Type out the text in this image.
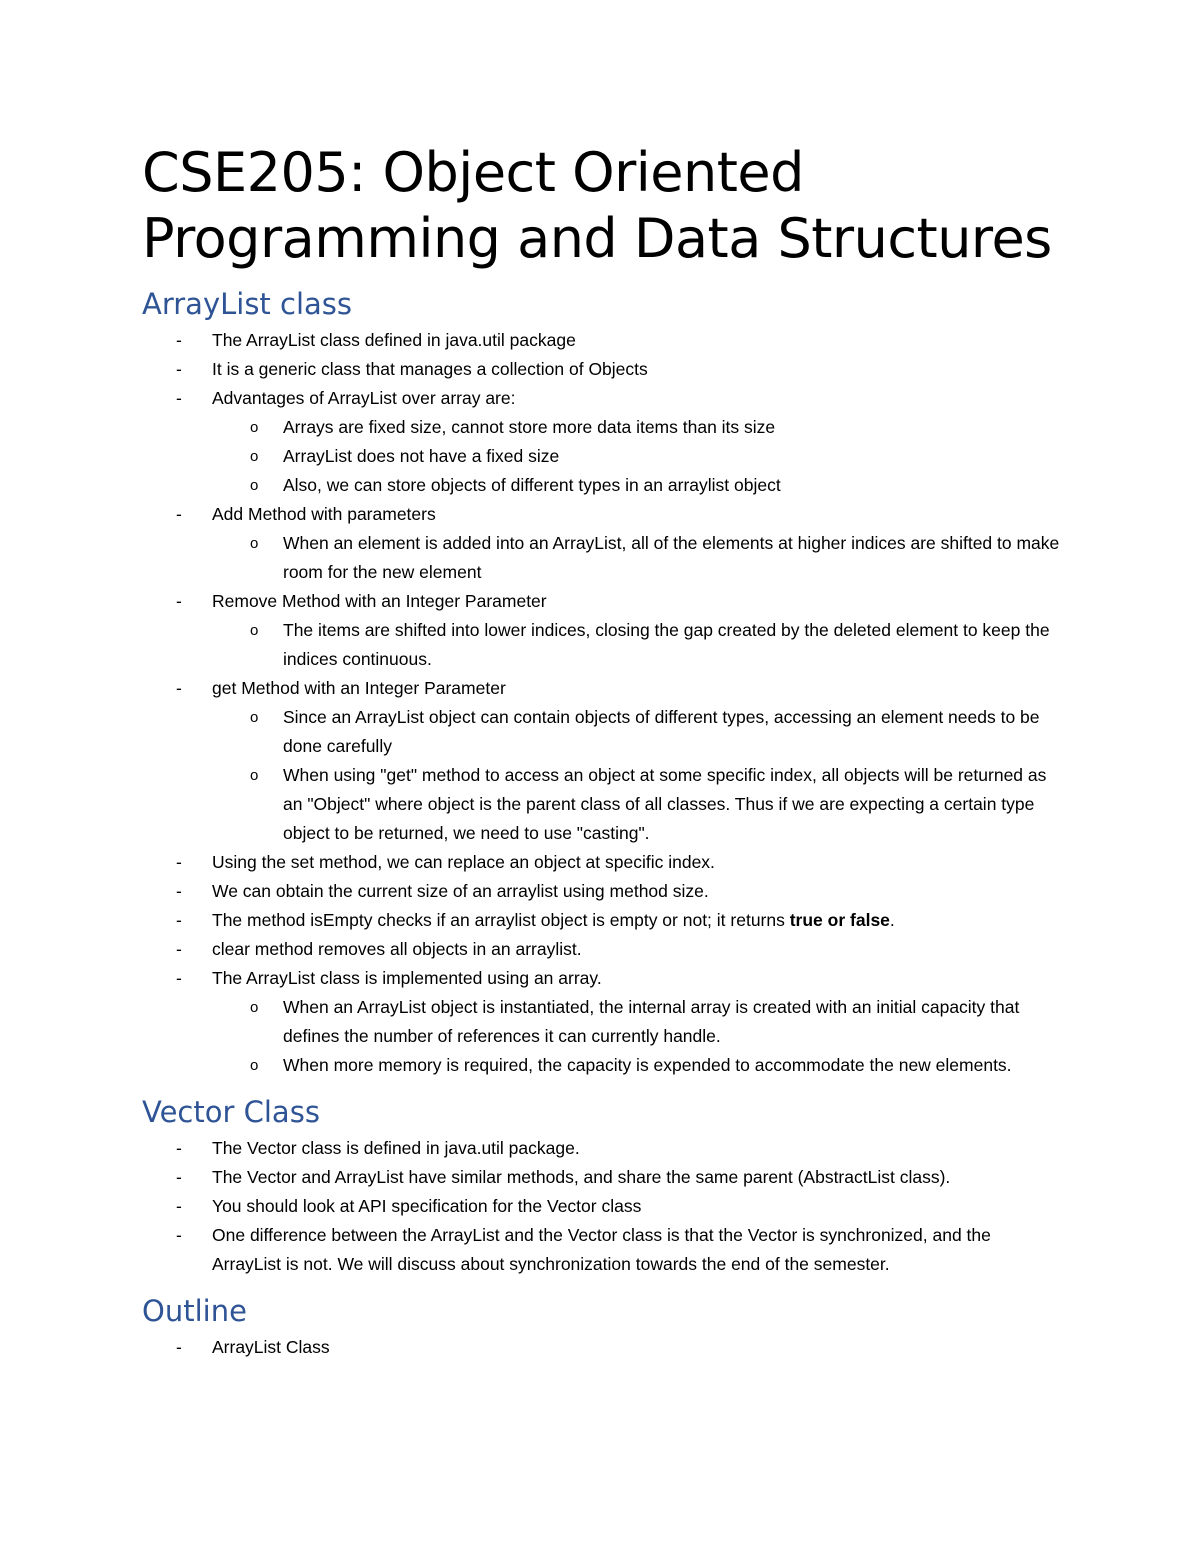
CSE205: Object Oriented Programming and Data Structures
ArrayList class
- The ArrayList class defined in java.util package
- It is a generic class that manages a collection of Objects
- Advantages of ArrayList over array are:
o Arrays are fixed size, cannot store more data items than its size
o ArrayList does not have a fixed size
o Also, we can store objects of different types in an arraylist object
- Add Method with parameters
o When an element is added into an ArrayList, all of the elements at higher indices are shifted to make room for the new element
- Remove Method with an Integer Parameter
o The items are shifted into lower indices, closing the gap created by the deleted element to keep the indices continuous.
- get Method with an Integer Parameter
o Since an ArrayList object can contain objects of different types, accessing an element needs to be done carefully
o When using "get" method to access an object at some specific index, all objects will be returned as an "Object" where object is the parent class of all classes. Thus if we are expecting a certain type object to be returned, we need to use "casting".
- Using the set method, we can replace an object at specific index.
- We can obtain the current size of an arraylist using method size.
- The method isEmpty checks if an arraylist object is empty or not; it returns true or false.
- clear method removes all objects in an arraylist.
- The ArrayList class is implemented using an array.
o When an ArrayList object is instantiated, the internal array is created with an initial capacity that defines the number of references it can currently handle.
o When more memory is required, the capacity is expended to accommodate the new elements.
Vector Class
- The Vector class is defined in java.util package.
- The Vector and ArrayList have similar methods, and share the same parent (AbstractList class).
- You should look at API specification for the Vector class
- One difference between the ArrayList and the Vector class is that the Vector is synchronized, and the ArrayList is not. We will discuss about synchronization towards the end of the semester.
Outline
- ArrayList Class
